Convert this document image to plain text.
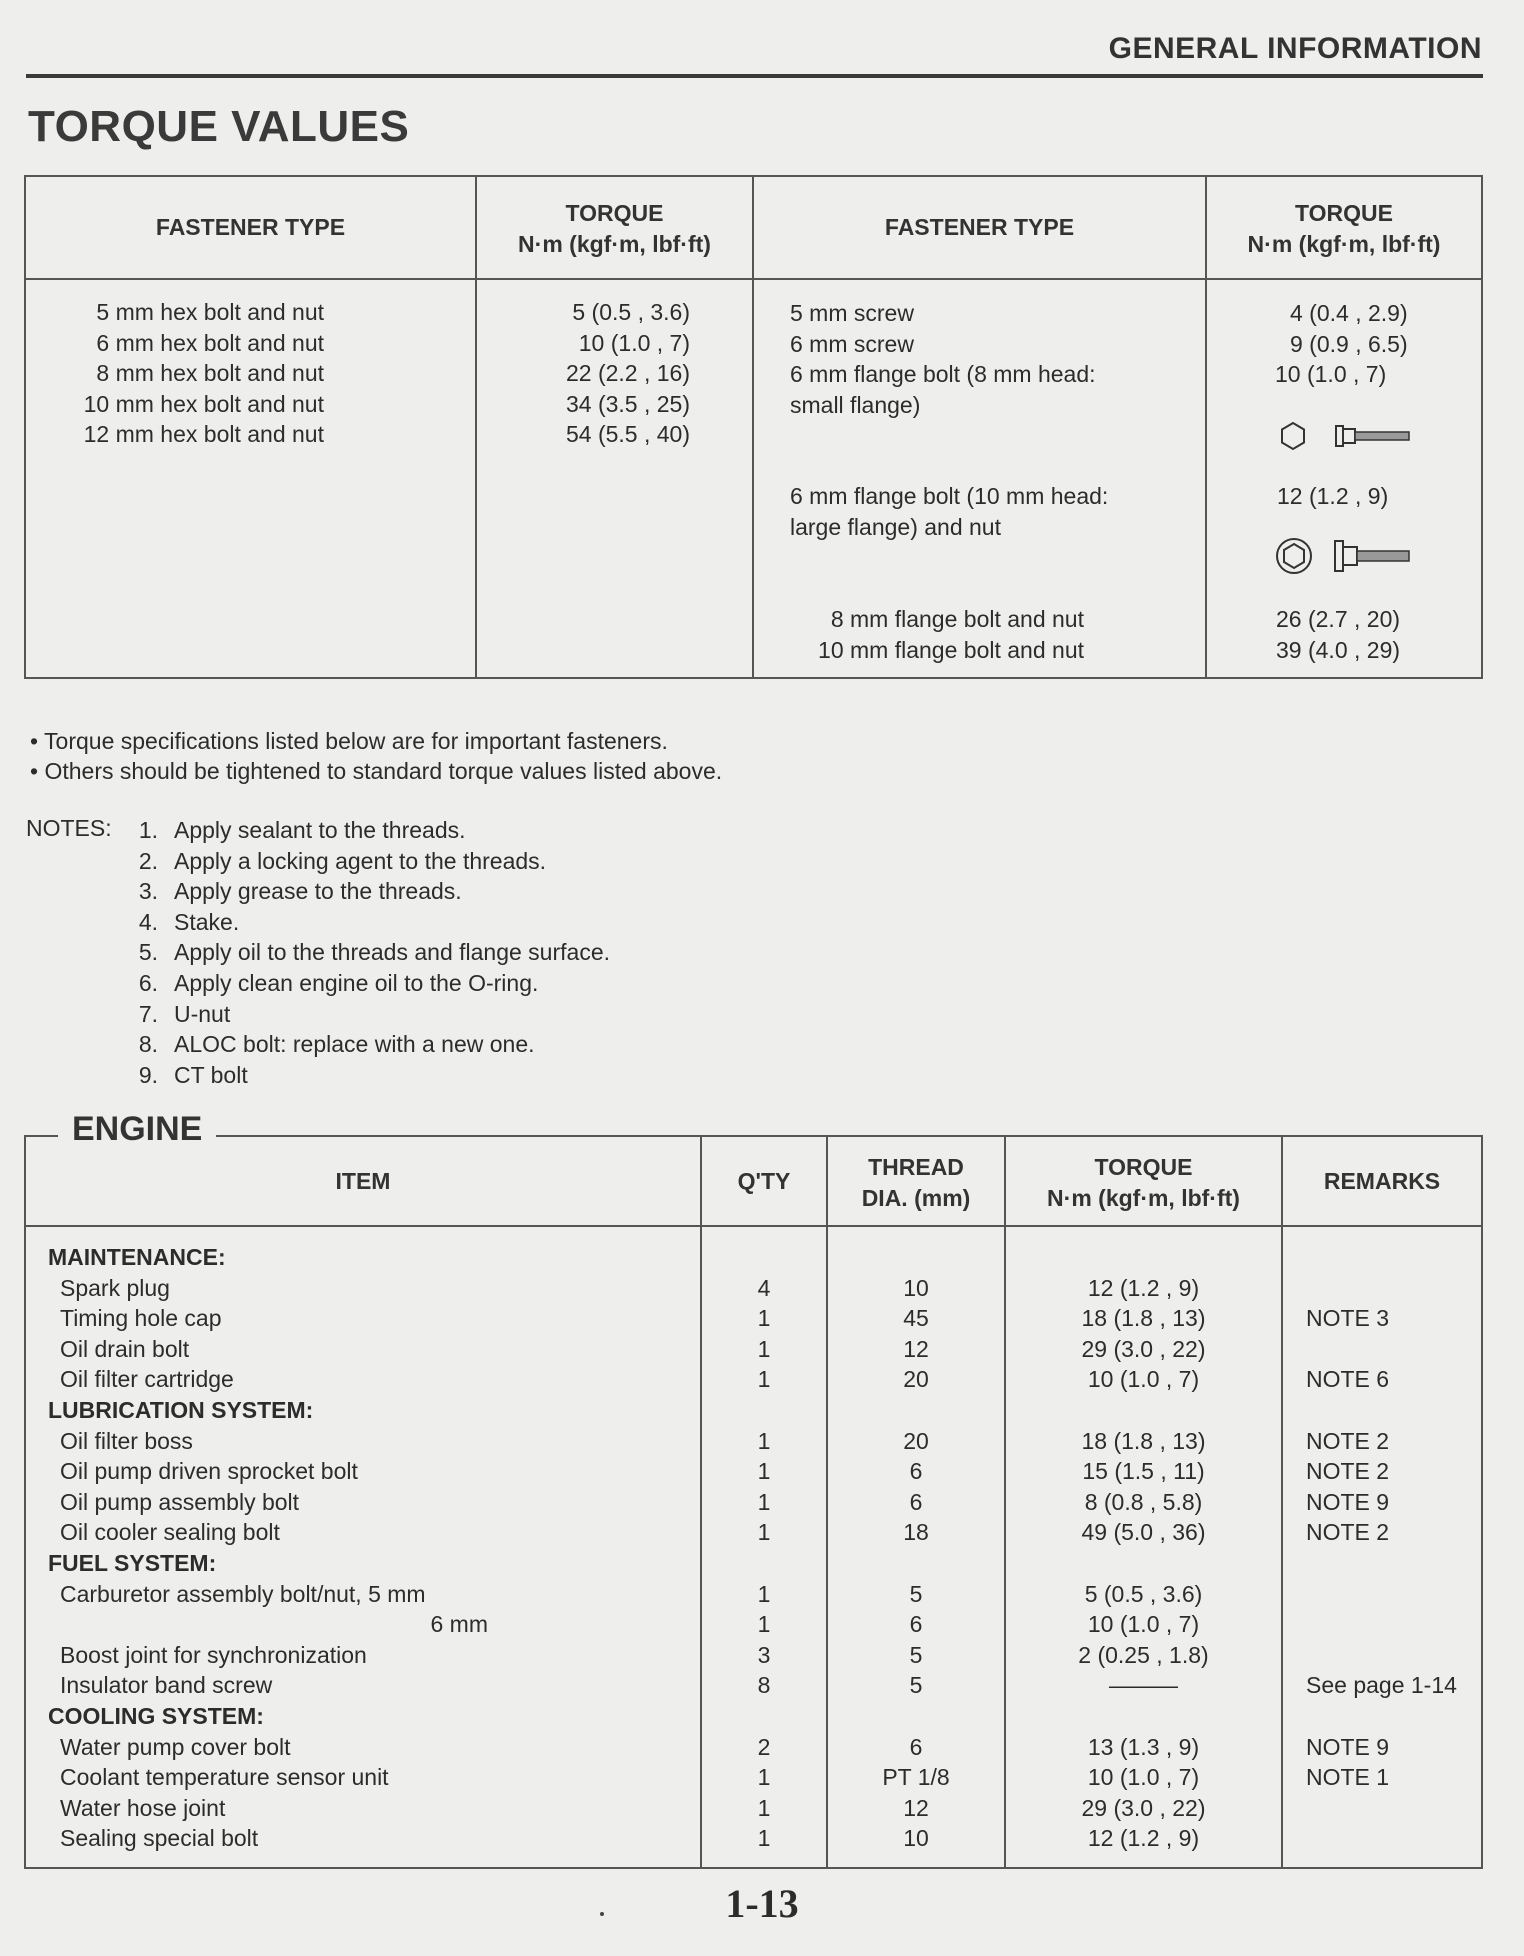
GENERAL INFORMATION
TORQUE VALUES
FASTENER TYPE
TORQUE
N·m (kgf·m, lbf·ft)
FASTENER TYPE
TORQUE
N·m (kgf·m, lbf·ft)
5 mm hex bolt and nut
6 mm hex bolt and nut
8 mm hex bolt and nut
10 mm hex bolt and nut
12 mm hex bolt and nut
5 (0.5 , 3.6)
10 (1.0 , 7)
22 (2.2 , 16)
34 (3.5 , 25)
54 (5.5 , 40)
5 mm screw
6 mm screw
6 mm flange bolt (8 mm head:
small flange)
4 (0.4 , 2.9)
9 (0.9 , 6.5)
10 (1.0 , 7)
6 mm flange bolt (10 mm head:
large flange) and nut
12 (1.2 , 9)
8 mm flange bolt and nut
10 mm flange bolt and nut
26 (2.7 , 20)
39 (4.0 , 29)
• Torque specifications listed below are for important fasteners.
• Others should be tightened to standard torque values listed above.
NOTES: 1.
2.
3.
4.
5.
6.
7.
8.
9.
Apply sealant to the threads.
Apply a locking agent to the threads.
Apply grease to the threads.
Stake.
Apply oil to the threads and flange surface.
Apply clean engine oil to the O-ring.
U-nut
ALOC bolt: replace with a new one.
CT bolt
ENGINE
ITEM	Q'TY
THREAD
DIA. (mm)
TORQUE
N·m (kgf·m, lbf·ft)
REMARKS
MAINTENANCE:
Spark plug
Timing hole cap
Oil drain bolt
Oil filter cartridge
LUBRICATION SYSTEM:
Oil filter boss
Oil pump driven sprocket bolt
Oil pump assembly bolt
Oil cooler sealing bolt
FUEL SYSTEM:
Carburetor assembly bolt/nut, 5 mm
6 mm
Boost joint for synchronization
Insulator band screw
COOLING SYSTEM:
Water pump cover bolt
Coolant temperature sensor unit
Water hose joint
Sealing special bolt
4
1
1
1
1
1
1
1
1
1
3
8
2
1
1
1
10
45
12
20
20
6
6
18
5
6
5
5
6
PT 1/8
12
10
12 (1.2 , 9)
18 (1.8 , 13)
29 (3.0 , 22)
10 (1.0 , 7)
18 (1.8 , 13)
15 (1.5 , 11)
8 (0.8 , 5.8)
49 (5.0 , 36)
5 (0.5 , 3.6)
10 (1.0 , 7)
2 (0.25 , 1.8)
———
13 (1.3 , 9)
10 (1.0 , 7)
29 (3.0 , 22)
12 (1.2 , 9)
NOTE 3
NOTE 6
NOTE 2
NOTE 2
NOTE 9
NOTE 2
See page 1-14
NOTE 9
NOTE 1
1-13
